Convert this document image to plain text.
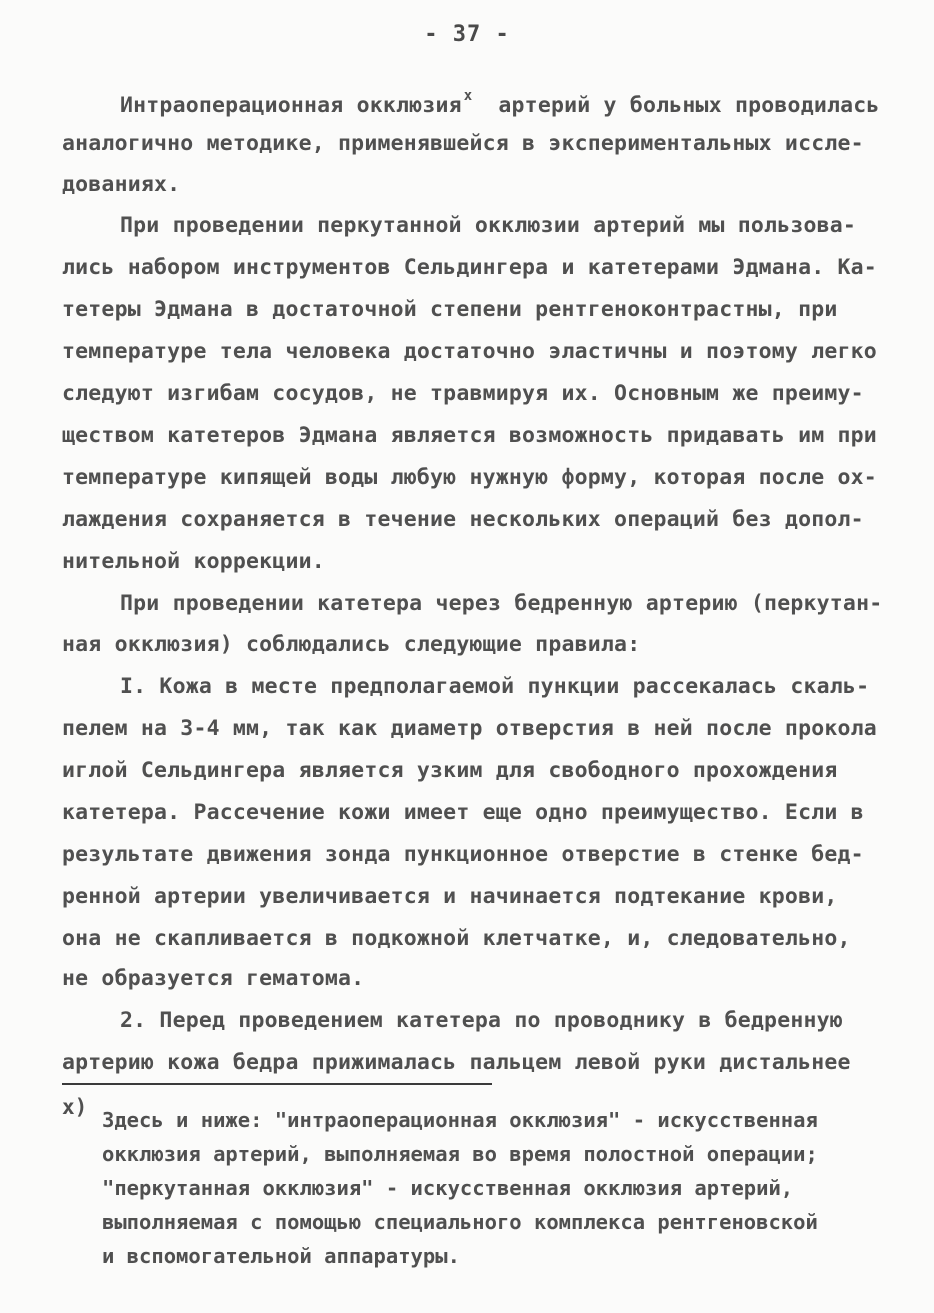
- 37 -
Интраоперационная окклюзия $^x$ артерий у больных проводилась
аналогично методике, применявшейся в экспериментальных иссле-
дованиях.
При проведении перкутанной окклюзии артерий мы пользова-
лись набором инструментов Сельдингера и катетерами Эдмана. Ка-
тетеры Эдмана в достаточной степени рентгеноконтрастны, при
температуре тела человека достаточно эластичны и поэтому легко
следуют изгибам сосудов, не травмируя их. Основным же преиму-
ществом катетеров Эдмана является возможность придавать им при
температуре кипящей воды любую нужную форму, которая после ох-
лаждения сохраняется в течение нескольких операций без допол-
нительной коррекции.
При проведении катетера через бедренную артерию (перкутан-
ная окклюзия) соблюдались следующие правила:
I. Кожа в месте предполагаемой пункции рассекалась скаль-
пелем на 3-4 мм, так как диаметр отверстия в ней после прокола
иглой Сельдингера является узким для свободного прохождения
катетера. Рассечение кожи имеет еще одно преимущество. Если в
результате движения зонда пункционное отверстие в стенке бед-
ренной артерии увеличивается и начинается подтекание крови,
она не скапливается в подкожной клетчатке, и, следовательно,
не образуется гематома.
2. Перед проведением катетера по проводнику в бедренную
артерию кожа бедра прижималась пальцем левой руки дистальнее
x)
Здесь и ниже: "интраоперационная окклюзия" - искусственная
окклюзия артерий, выполняемая во время полостной операции;
"перкутанная окклюзия" - искусственная окклюзия артерий,
выполняемая с помощью специального комплекса рентгеновской
и вспомогательной аппаратуры.
